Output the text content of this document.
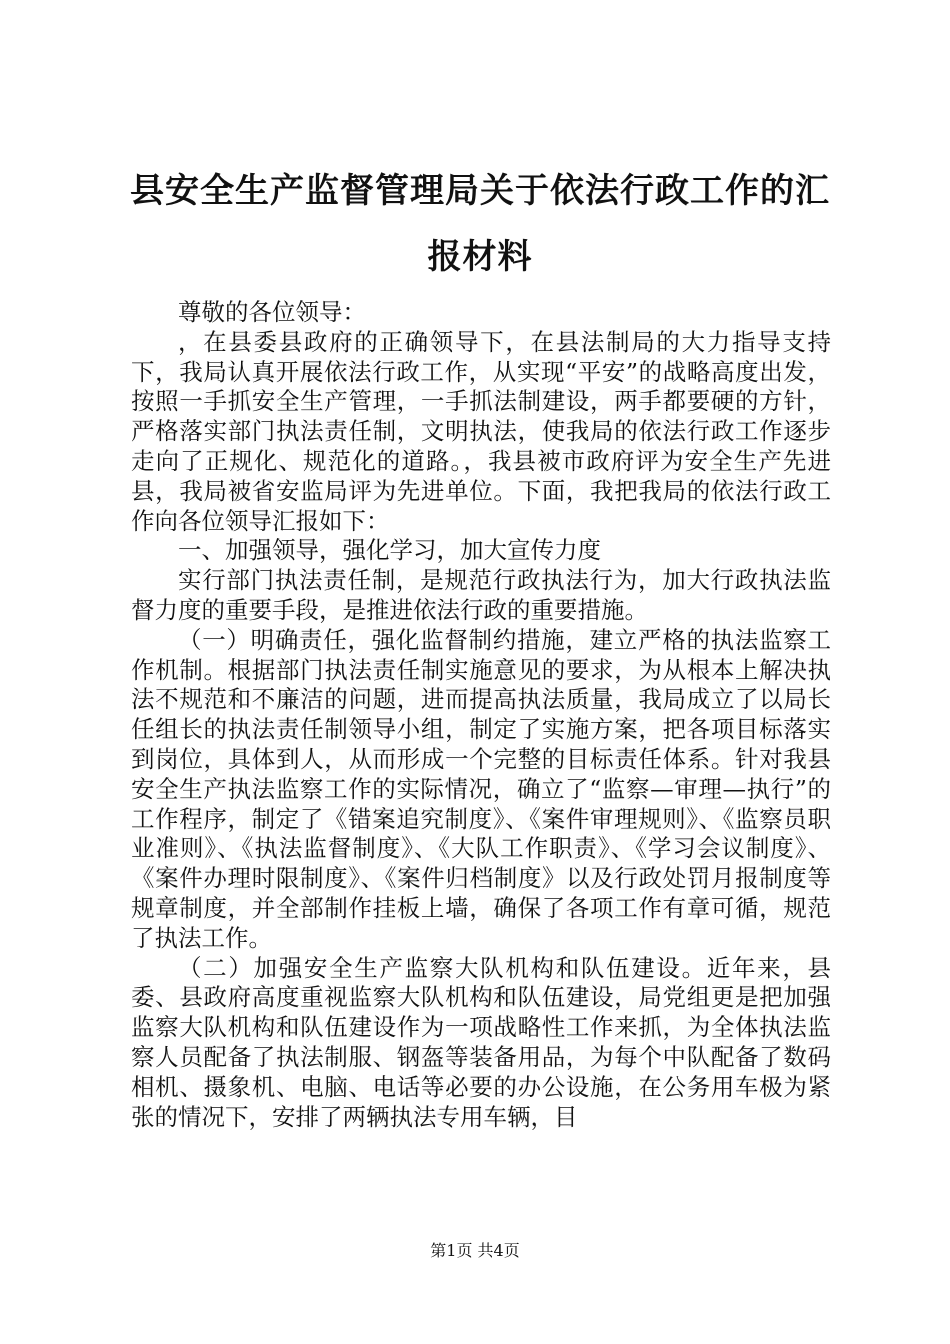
县安全生产监督管理局关于依法行政工作的汇报材料

尊敬的各位领导：

，在县委县政府的正确领导下，在县法制局的大力指导支持下，我局认真开展依法行政工作，从实现“平安”的战略高度出发，按照一手抓安全生产管理，一手抓法制建设，两手都要硬的方针，严格落实部门执法责任制，文明执法，使我局的依法行政工作逐步走向了正规化、规范化的道路。，我县被市政府评为安全生产先进县，我局被省安监局评为先进单位。下面，我把我局的依法行政工作向各位领导汇报如下：

一、加强领导，强化学习，加大宣传力度

实行部门执法责任制，是规范行政执法行为，加大行政执法监督力度的重要手段，是推进依法行政的重要措施。

（一）明确责任，强化监督制约措施，建立严格的执法监察工作机制。根据部门执法责任制实施意见的要求，为从根本上解决执法不规范和不廉洁的问题，进而提高执法质量，我局成立了以局长任组长的执法责任制领导小组，制定了实施方案，把各项目标落实到岗位，具体到人，从而形成一个完整的目标责任体系。针对我县安全生产执法监察工作的实际情况，确立了“监察—审理—执行”的工作程序，制定了《错案追究制度》、《案件审理规则》、《监察员职业准则》、《执法监督制度》、《大队工作职责》、《学习会议制度》、《案件办理时限制度》、《案件归档制度》以及行政处罚月报制度等规章制度，并全部制作挂板上墙，确保了各项工作有章可循，规范了执法工作。

（二）加强安全生产监察大队机构和队伍建设。近年来，县委、县政府高度重视监察大队机构和队伍建设，局党组更是把加强监察大队机构和队伍建设作为一项战略性工作来抓，为全体执法监察人员配备了执法制服、钢盔等装备用品，为每个中队配备了数码相机、摄象机、电脑、电话等必要的办公设施，在公务用车极为紧张的情况下，安排了两辆执法专用车辆，目

第1页 共4页
